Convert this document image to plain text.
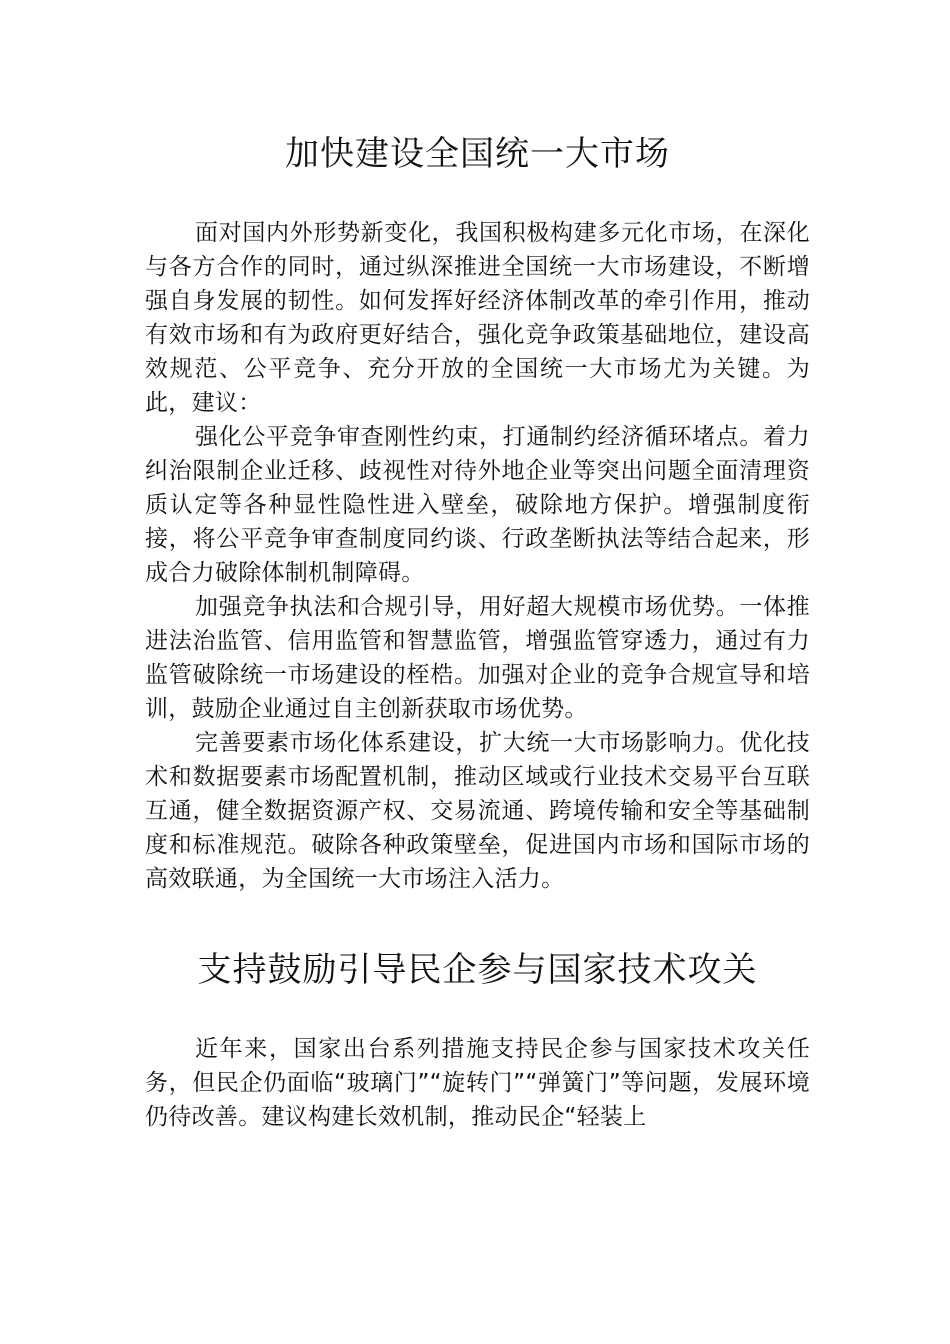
加快建设全国统一大市场

面对国内外形势新变化，我国积极构建多元化市场，在深化与各方合作的同时，通过纵深推进全国统一大市场建设，不断增强自身发展的韧性。如何发挥好经济体制改革的牵引作用，推动有效市场和有为政府更好结合，强化竞争政策基础地位，建设高效规范、公平竞争、充分开放的全国统一大市场尤为关键。为此，建议：

强化公平竞争审查刚性约束，打通制约经济循环堵点。着力纠治限制企业迁移、歧视性对待外地企业等突出问题全面清理资质认定等各种显性隐性进入壁垒，破除地方保护。增强制度衔接，将公平竞争审查制度同约谈、行政垄断执法等结合起来，形成合力破除体制机制障碍。

加强竞争执法和合规引导，用好超大规模市场优势。一体推进法治监管、信用监管和智慧监管，增强监管穿透力，通过有力监管破除统一市场建设的桎梏。加强对企业的竞争合规宣导和培训，鼓励企业通过自主创新获取市场优势。

完善要素市场化体系建设，扩大统一大市场影响力。优化技术和数据要素市场配置机制，推动区域或行业技术交易平台互联互通，健全数据资源产权、交易流通、跨境传输和安全等基础制度和标准规范。破除各种政策壁垒，促进国内市场和国际市场的高效联通，为全国统一大市场注入活力。

支持鼓励引导民企参与国家技术攻关

近年来，国家出台系列措施支持民企参与国家技术攻关任务，但民企仍面临“玻璃门”“旋转门”“弹簧门”等问题，发展环境仍待改善。建议构建长效机制，推动民企“轻装上
